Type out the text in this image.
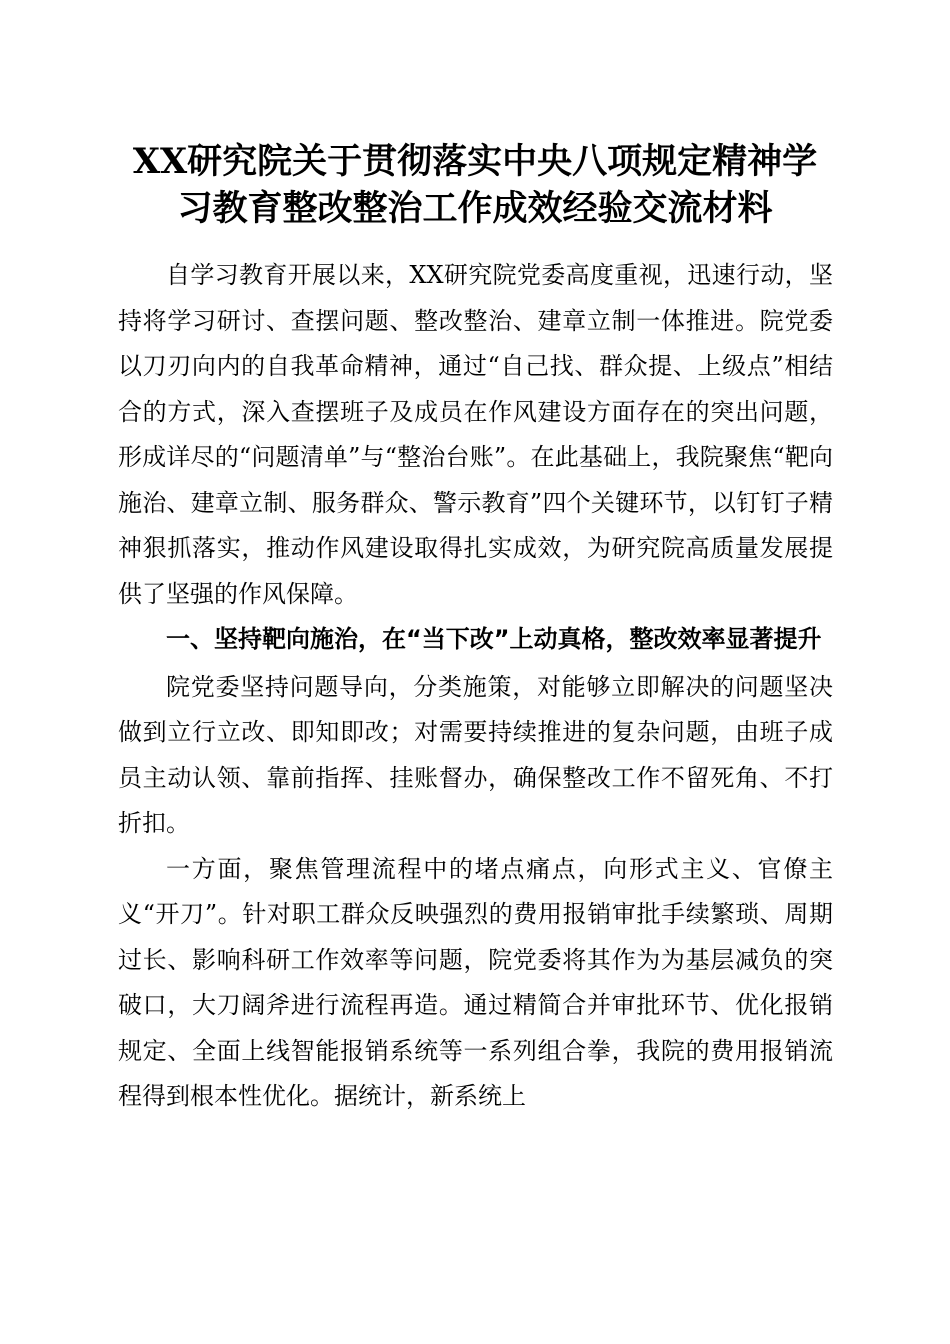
XX研究院关于贯彻落实中央八项规定精神学
习教育整改整治工作成效经验交流材料

自学习教育开展以来，XX研究院党委高度重视，迅速行动，坚持将学习研讨、查摆问题、整改整治、建章立制一体推进。院党委以刀刃向内的自我革命精神，通过“自己找、群众提、上级点”相结合的方式，深入查摆班子及成员在作风建设方面存在的突出问题，形成详尽的“问题清单”与“整治台账”。在此基础上，我院聚焦“靶向施治、建章立制、服务群众、警示教育”四个关键环节，以钉钉子精神狠抓落实，推动作风建设取得扎实成效，为研究院高质量发展提供了坚强的作风保障。

一、坚持靶向施治，在“当下改”上动真格，整改效率显著提升

院党委坚持问题导向，分类施策，对能够立即解决的问题坚决做到立行立改、即知即改；对需要持续推进的复杂问题，由班子成员主动认领、靠前指挥、挂账督办，确保整改工作不留死角、不打折扣。

一方面，聚焦管理流程中的堵点痛点，向形式主义、官僚主义“开刀”。针对职工群众反映强烈的费用报销审批手续繁琐、周期过长、影响科研工作效率等问题，院党委将其作为为基层减负的突破口，大刀阔斧进行流程再造。通过精简合并审批环节、优化报销规定、全面上线智能报销系统等一系列组合拳，我院的费用报销流程得到根本性优化。据统计，新系统上
